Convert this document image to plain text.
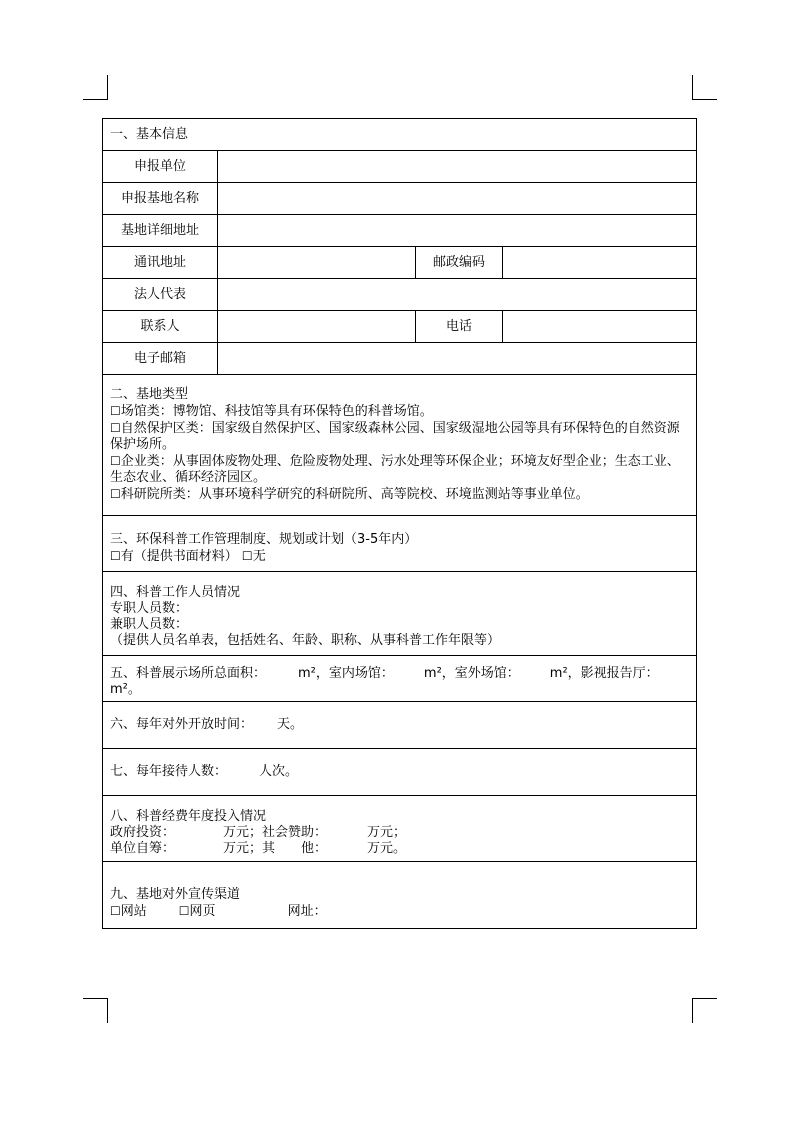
一、基本信息			
申报单位			
申报基地名称			
基地详细地址			
通讯地址		邮政编码	
法人代表			
联系人		电话	
电子邮箱			

二、基地类型
☐场馆类：博物馆、科技馆等具有环保特色的科普场馆。
☐自然保护区类：国家级自然保护区、国家级森林公园、国家级湿地公园等具有环保特色的自然资源保护场所。
☐企业类：从事固体废物处理、危险废物处理、污水处理等环保企业；环境友好型企业；生态工业、生态农业、循环经济园区。
☐科研院所类：从事环境科学研究的科研院所、高等院校、环境监测站等事业单位。			

三、环保科普工作管理制度、规划或计划（3-5年内）
☐有（提供书面材料） ☐无			

四、科普工作人员情况
专职人员数：
兼职人员数：
（提供人员名单表，包括姓名、年龄、职称、从事科普工作年限等）			

五、科普展示场所总面积： m²，室内场馆： m²，室外场馆： m²，影视报告厅：
m²。			

六、每年对外开放时间： 天。			
七、每年接待人数： 人次。			

八、科普经费年度投入情况
政府投资： 万元；社会赞助： 万元；
单位自筹： 万元；其　　他： 万元。			

九、基地对外宣传渠道
☐网站 ☐网页 网址：			
